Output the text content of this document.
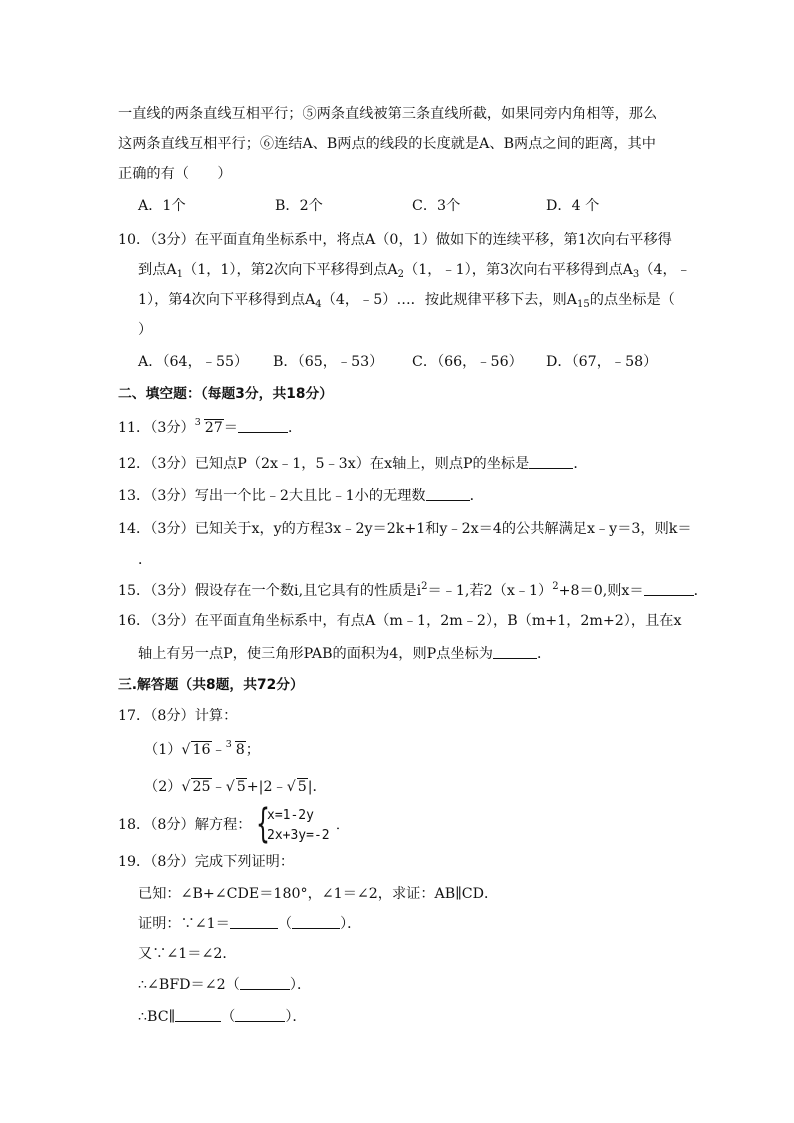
一直线的两条直线互相平行；⑤两条直线被第三条直线所截，如果同旁内角相等，那么
这两条直线互相平行；⑥连结A、B两点的线段的长度就是A、B两点之间的距离，其中
正确的有（　　）
A．1个	B．2个	C．3个	D．4 个
10．（3分）在平面直角坐标系中，将点A（0，1）做如下的连续平移，第1次向右平移得
到点$A_1(1$，1），第2次向下平移得到点$A_2(1$，﹣1），第3次向右平移得到点$A_3(4$，﹣
1），第4次向下平移得到点$A_4(4$，﹣5）…．按此规律平移下去，则$A_{15}$的点坐标是（
）
A．（64，﹣55） B．（65，﹣53） C．（66，﹣56） D．（67，﹣58）
二、填空题：（每题3分，共18分）
11．（3分） 3 27＝	．
12．（3分）已知点P（2x﹣1，5﹣3x）在x轴上，则点P的坐标是	．
13．（3分）写出一个比﹣2大且比﹣1小的无理数	．
14．（3分）已知关于x，y的方程3x﹣2y＝2k+1和y﹣2x＝4的公共解满足x﹣y＝3，则k＝
．
15．（3分）假设存在一个数i,且它具有的性质是$i^2=﹣1$,若2（x﹣1）$^2$+8＝0,则x＝	．
16．（3分）在平面直角坐标系中，有点A（m﹣1，2m﹣2），B（m+1，2m+2），且在x
轴上有另一点P，使三角形PAB的面积为4，则P点坐标为	．
三.解答题（共8题，共72分）
17．（8分）计算：
（1）√ 16﹣ 3 8；
（2）√ 25﹣√ 5+|2﹣√ 5|．
18．（8分）解方程： {
x=1-2y
2x+3y=-2
．
19．（8分）完成下列证明：
已知：∠B+∠CDE＝180°，∠1＝∠2，求证：AB∥CD．
证明：∵∠1＝	（	）．
又∵∠1＝∠2．
∴∠BFD＝∠2（	）．
∴BC∥	（	）．
